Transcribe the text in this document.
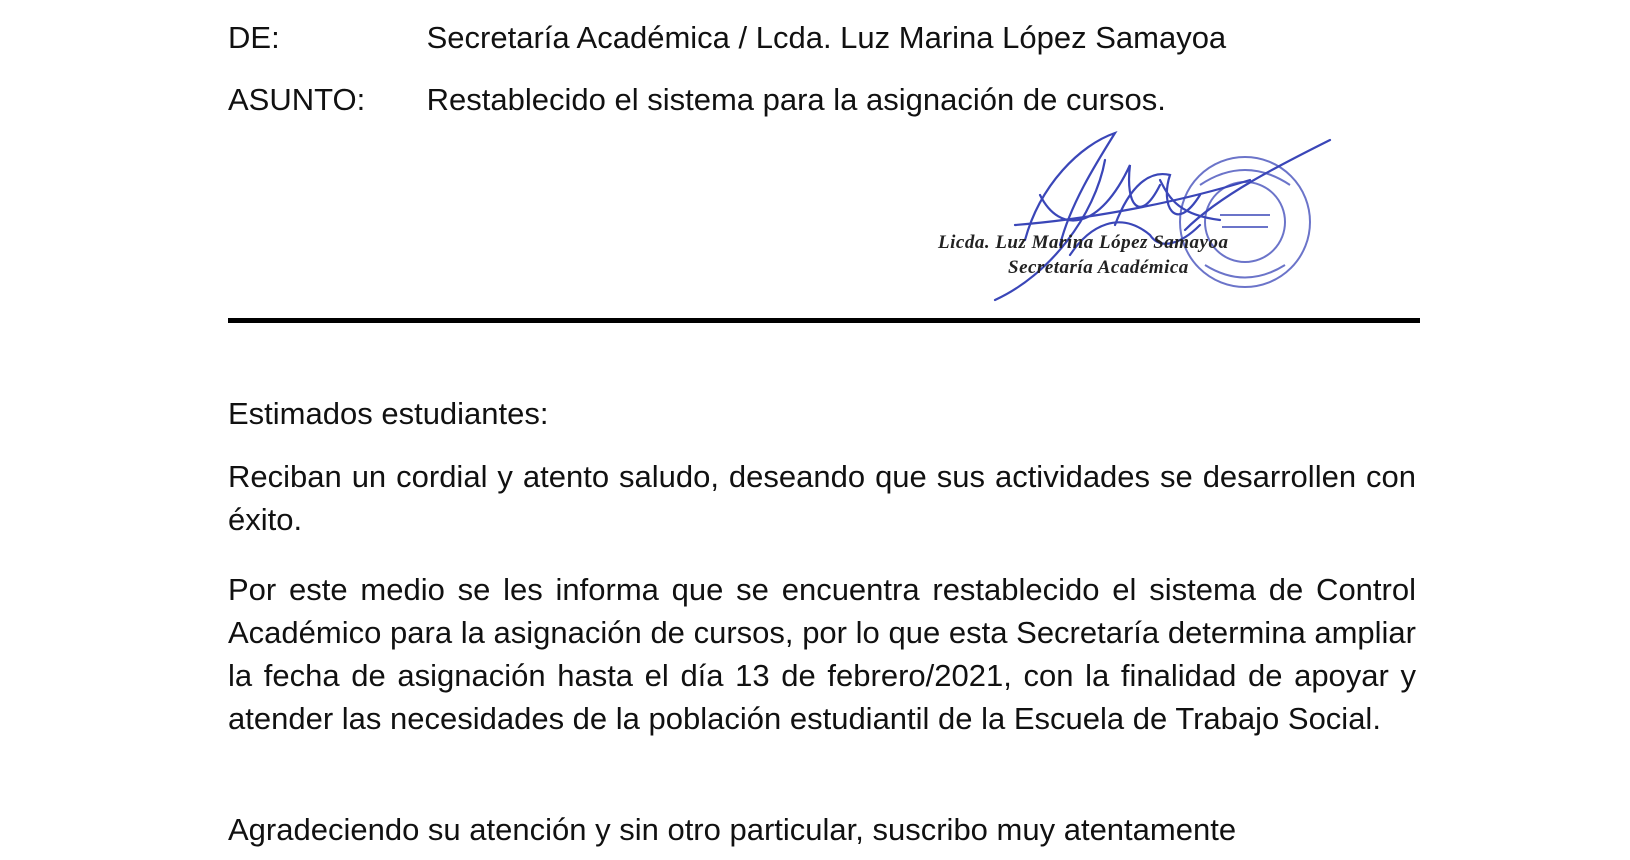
DE:	Secretaría Académica / Lcda. Luz Marina López Samayoa
ASUNTO: Restablecido el sistema para la asignación de cursos.
Licda. Luz Marina López Samayoa
Secretaría Académica
Estimados estudiantes:
Reciban un cordial y atento saludo, deseando que sus actividades se desarrollen con éxito.
Por este medio se les informa que se encuentra restablecido el sistema de Control Académico para la asignación de cursos, por lo que esta Secretaría determina ampliar la fecha de asignación hasta el día 13 de febrero/2021, con la finalidad de apoyar y atender las necesidades de la población estudiantil de la Escuela de Trabajo Social.
Agradeciendo su atención y sin otro particular, suscribo muy atentamente
